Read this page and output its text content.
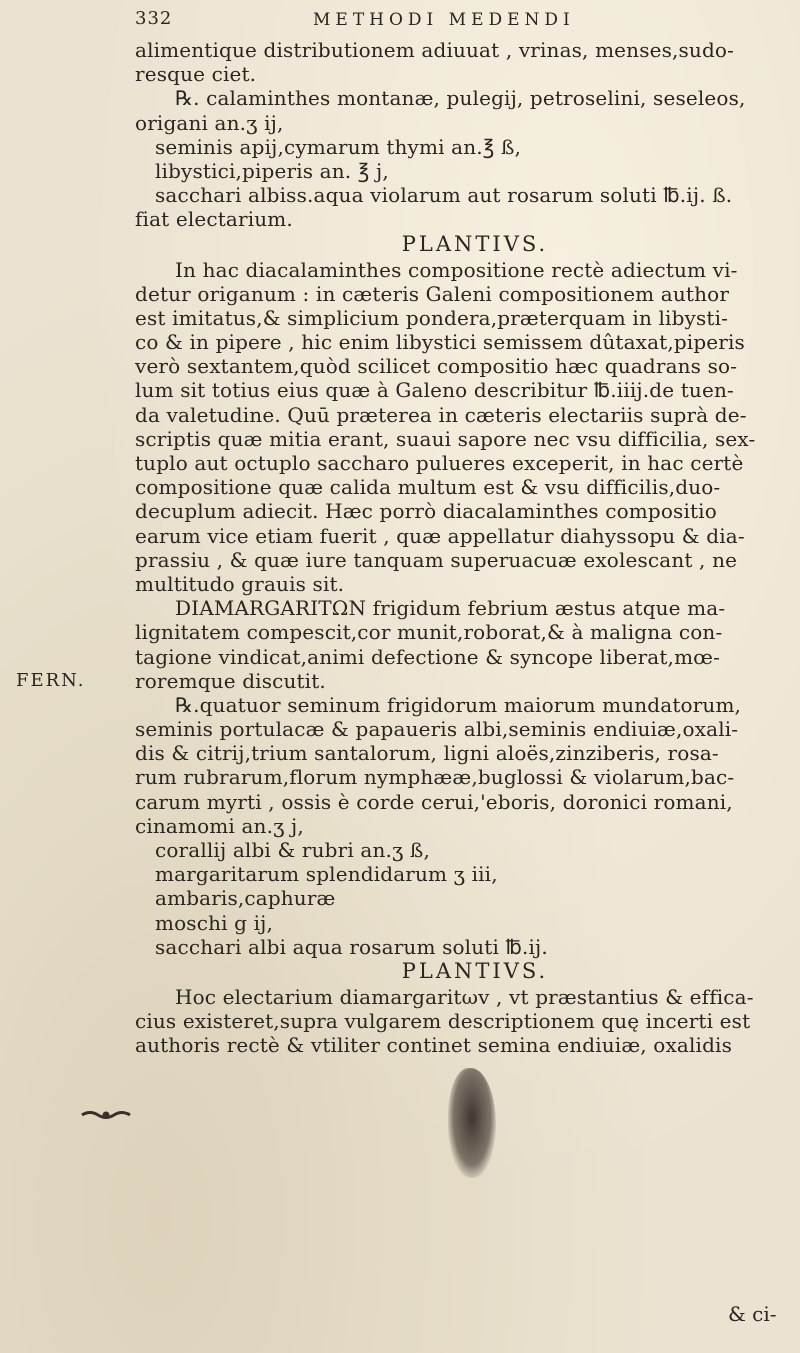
332	METHODI MEDENDI
FERN.
alimentique distributionem adiuuat , vrinas, menses,sudo-
resque ciet.
℞. calaminthes montanæ, pulegij, petroselini, seseleos,
origani an.ʒ ij,
seminis apij,cymarum thymi an.℥ ß,
libystici,piperis an. ℥ j,
sacchari albiss.aqua violarum aut rosarum soluti ℔.ij. ß.
fiat electarium.
PLANTIVS.
In hac diacalaminthes compositione rectè adiectum vi-
detur origanum : in cæteris Galeni compositionem author
est imitatus,& simplicium pondera,præterquam in libysti-
co & in pipere , hic enim libystici semissem dûtaxat,piperis
verò sextantem,quòd scilicet compositio hæc quadrans so-
lum sit totius eius quæ à Galeno describitur ℔.iiij.de tuen-
da valetudine. Quū præterea in cæteris electariis suprà de-
scriptis quæ mitia erant, suaui sapore nec vsu difficilia, sex-
tuplo aut octuplo saccharo pulueres exceperit, in hac certè
compositione quæ calida multum est & vsu difficilis,duo-
decuplum adiecit. Hæc porrò diacalaminthes compositio
earum vice etiam fuerit , quæ appellatur diahyssopu & dia-
prassiu , & quæ iure tanquam superuacuæ exolescant , ne
multitudo grauis sit.
DIAMARGARITΩN frigidum febrium æstus atque ma-
lignitatem compescit,cor munit,roborat,& à maligna con-
tagione vindicat,animi defectione & syncope liberat,mœ-
roremque discutit.
℞.quatuor seminum frigidorum maiorum mundatorum,
seminis portulacæ & papaueris albi,seminis endiuiæ,oxali-
dis & citrij,trium santalorum, ligni aloës,zinziberis, rosa-
rum rubrarum,florum nymphææ,buglossi & violarum,bac-
carum myrti , ossis è corde cerui,'eboris, doronici romani,
cinamomi an.ʒ j,
corallij albi & rubri an.ʒ ß,
margaritarum splendidarum ʒ iii,
ambaris,caphuræ
moschi g ij,
sacchari albi aqua rosarum soluti ℔.ij.
PLANTIVS.
Hoc electarium diamargaritωv , vt præstantius & effica-
cius existeret,supra vulgarem descriptionem quę incerti est
authoris rectè & vtiliter continet semina endiuiæ, oxalidis
& ci-
